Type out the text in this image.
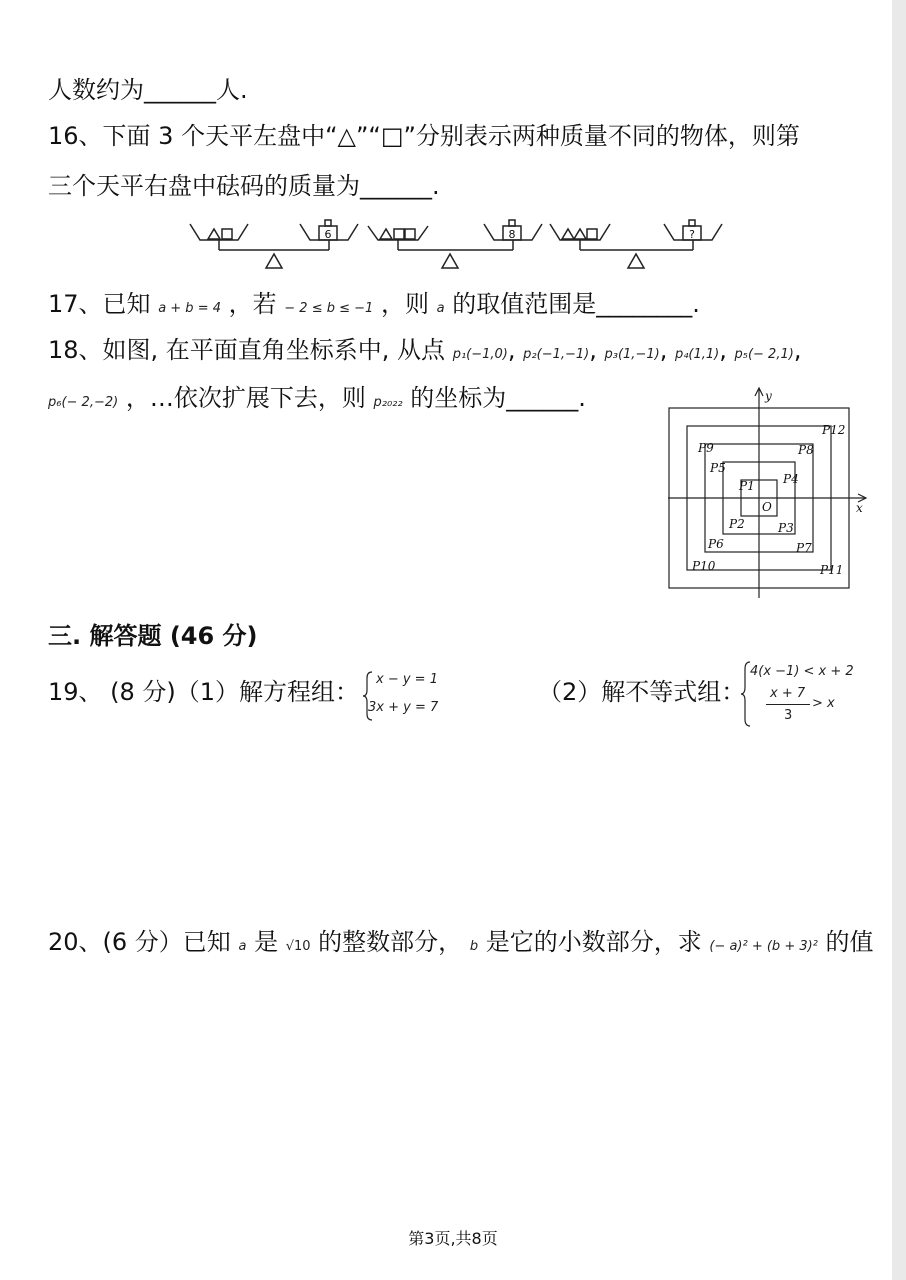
人数约为______人.
16、下面 3 个天平左盘中“△”“□”分别表示两种质量不同的物体，则第
三个天平右盘中砝码的质量为______.
6	8	?
17、已知 a + b = 4 ，若 − 2 ≤ b ≤ −1 ，则 a 的取值范围是________.
18、如图, 在平面直角坐标系中, 从点 p₁(−1,0), p₂(−1,−1), p₃(1,−1), p₄(1,1), p₅(− 2,1),
p₆(− 2,−2) ，…依次扩展下去，则 p₂₀₂₂ 的坐标为______.
x
y
O
P1
P2	P3
P4
P5
P6	P7
P8
P9
P10	P11
P12
三. 解答题 (46 分)
19、 (8 分)（1）解方程组： x − y = 1
3x + y = 7
（2）解不等式组：
4(x −1) < x + 2
x + 7
3
> x
20、(6 分）已知 a 是 √10 的整数部分， b 是它的小数部分，求 (− a)² + (b + 3)² 的值
第3页,共8页
